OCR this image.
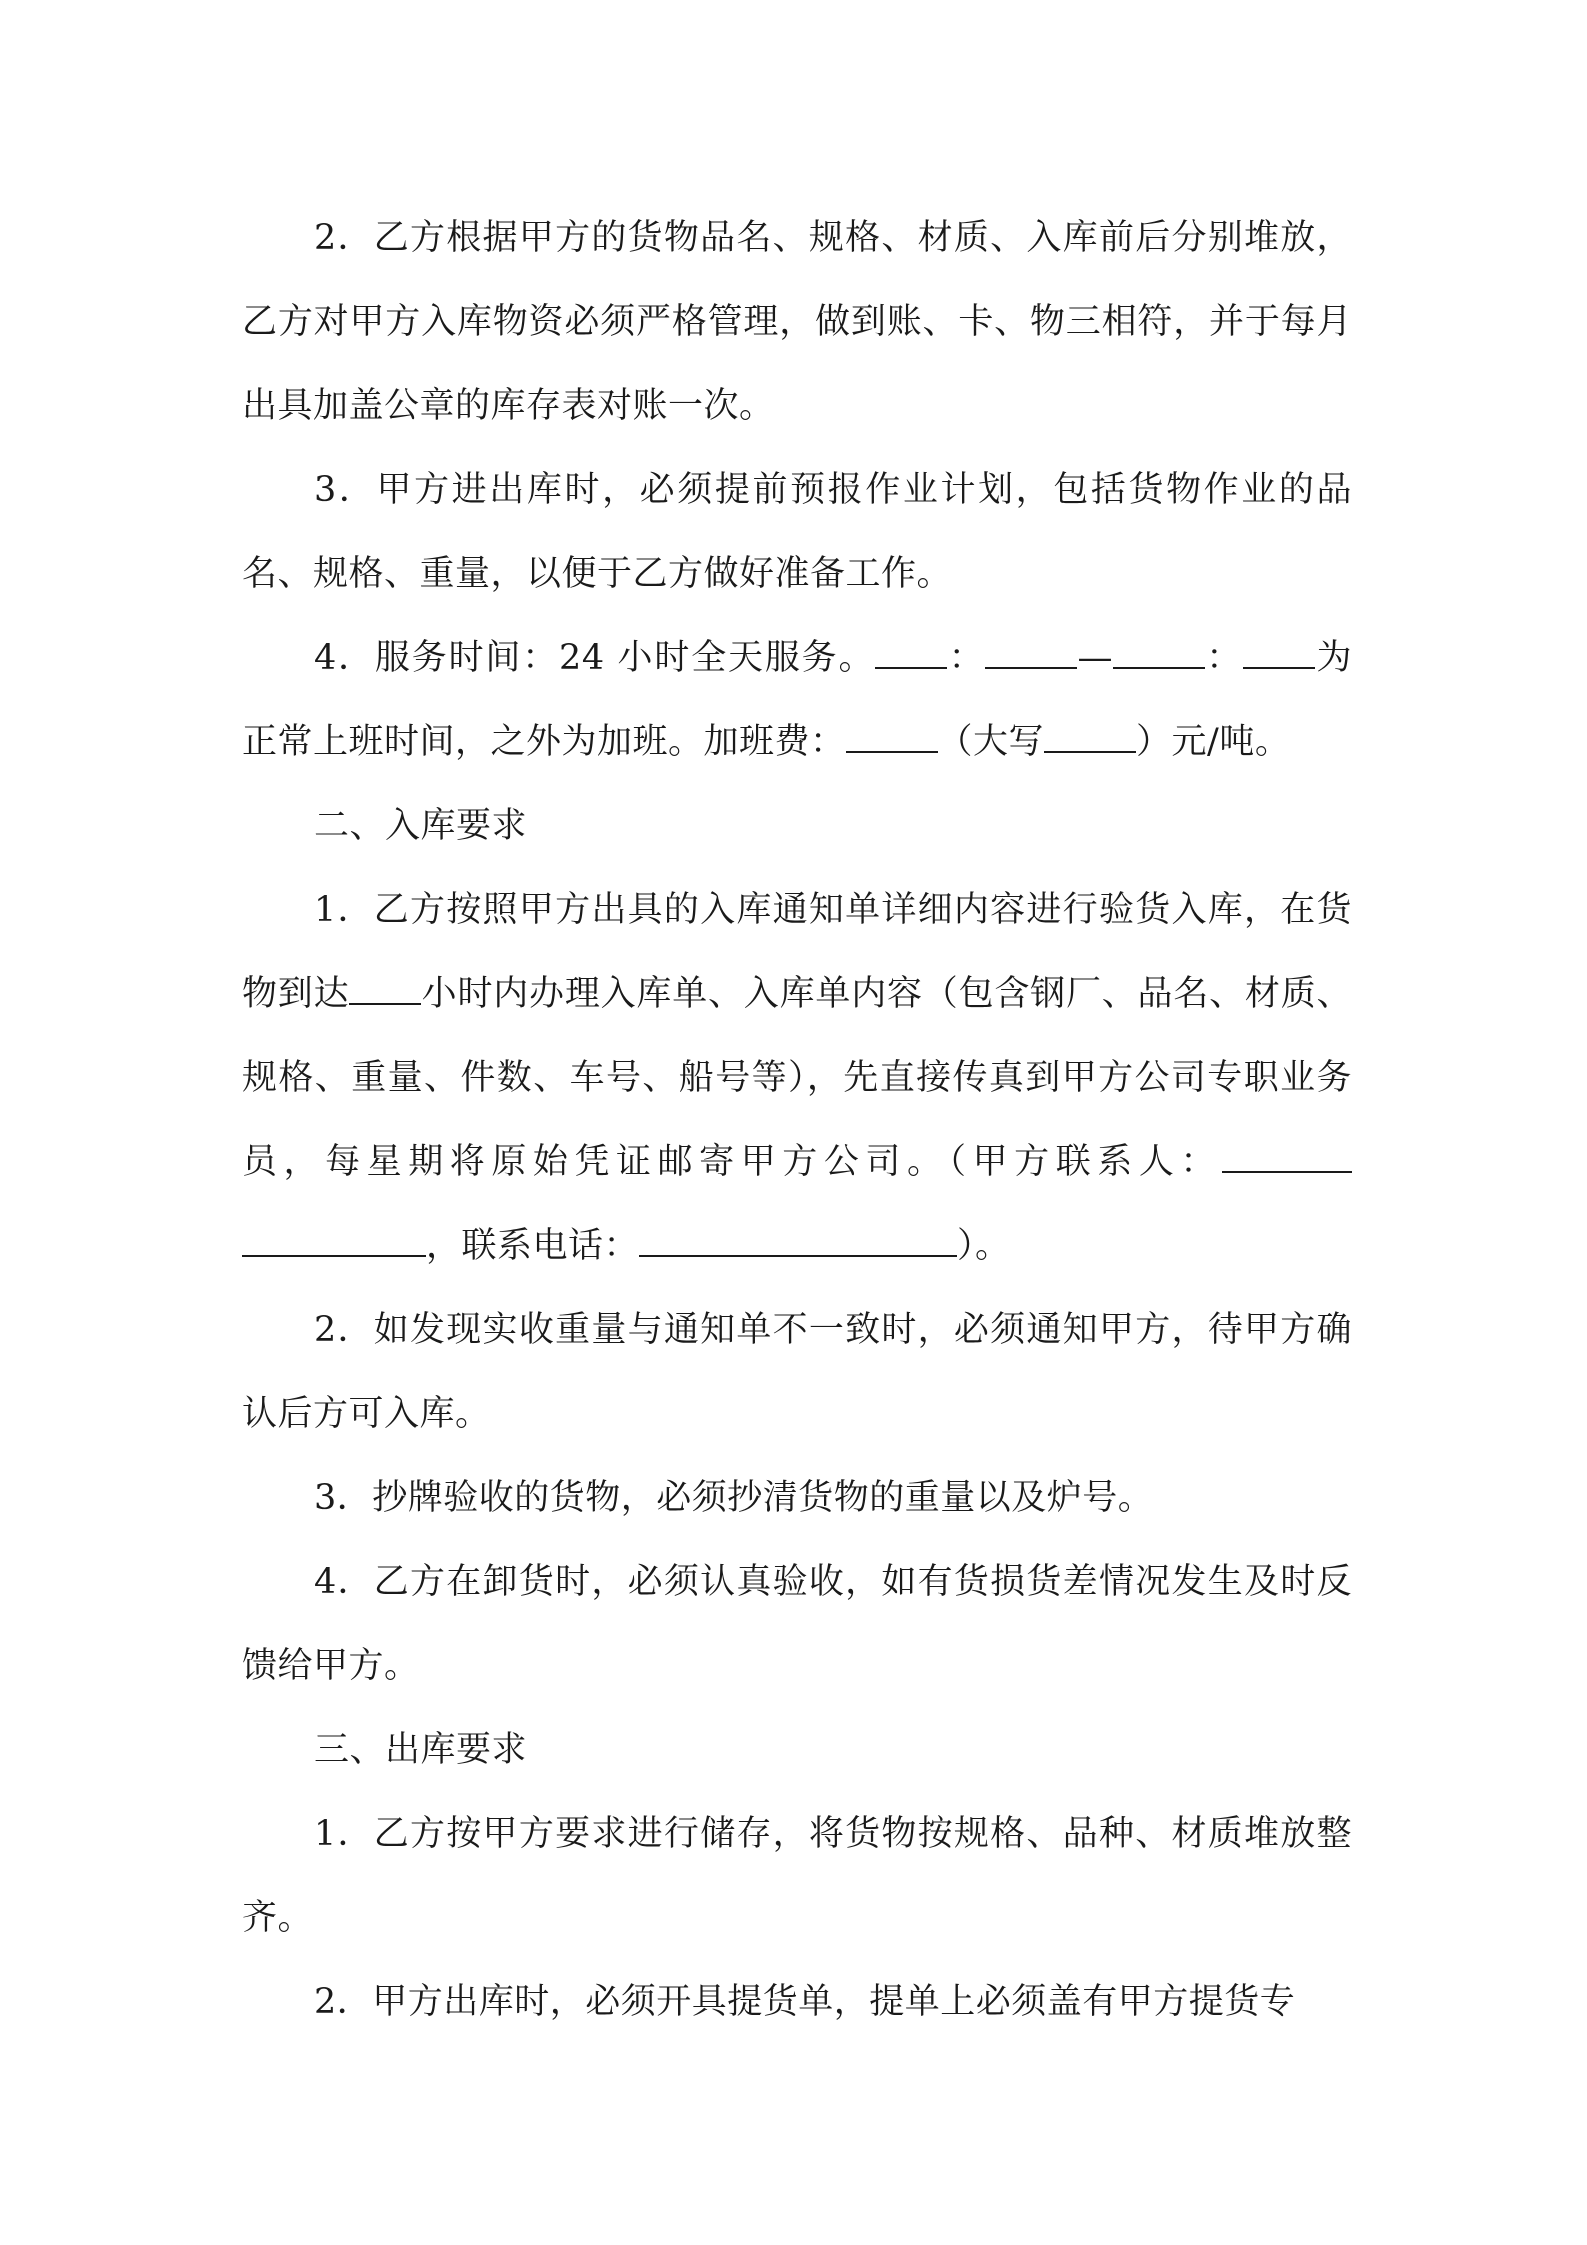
2．乙方根据甲方的货物品名、规格、材质、入库前后分别堆放，乙方对甲方入库物资必须严格管理，做到账、卡、物三相符，并于每月出具加盖公章的库存表对账一次。

3．甲方进出库时，必须提前预报作业计划，包括货物作业的品名、规格、重量，以便于乙方做好准备工作。

4．服务时间：24 小时全天服务。 ：	—	： 为正常上班时间，之外为加班。加班费：	（大写	）元/吨。

二、入库要求

1．乙方按照甲方出具的入库通知单详细内容进行验货入库，在货物到达 小时内办理入库单、入库单内容（包含钢厂、品名、材质、规格、重量、件数、车号、船号等），先直接传真到甲方公司专职业务员，每星期将原始凭证邮寄甲方公司。（甲方联系人：，联系电话：	）。

2．如发现实收重量与通知单不一致时，必须通知甲方，待甲方确认后方可入库。

3．抄牌验收的货物，必须抄清货物的重量以及炉号。

4．乙方在卸货时，必须认真验收，如有货损货差情况发生及时反馈给甲方。

三、出库要求

1．乙方按甲方要求进行储存，将货物按规格、品种、材质堆放整齐。

2．甲方出库时，必须开具提货单，提单上必须盖有甲方提货专
